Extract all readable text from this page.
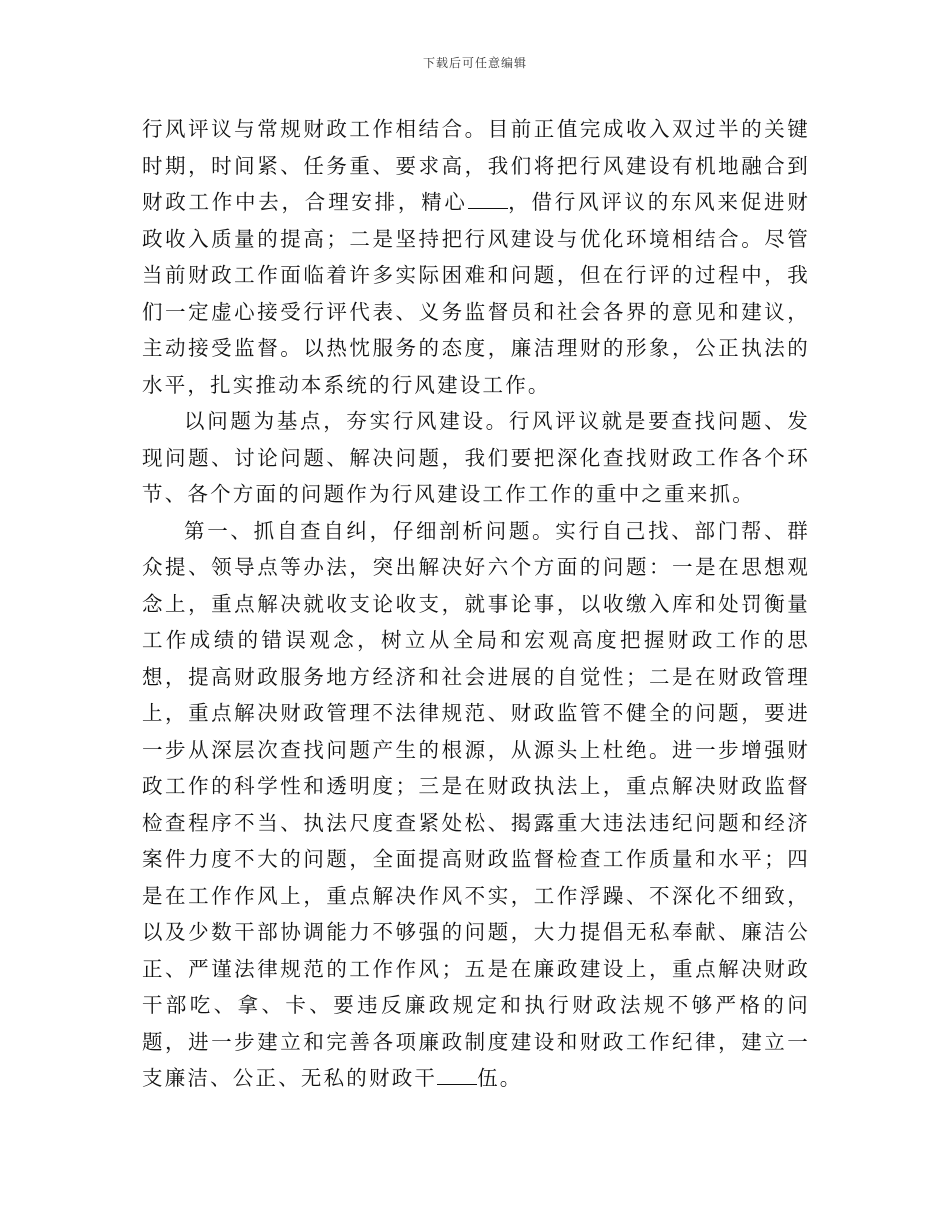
下载后可任意编辑

行风评议与常规财政工作相结合。目前正值完成收入双过半的关键时期，时间紧、任务重、要求高，我们将把行风建设有机地融合到财政工作中去，合理安排，精心 ，借行风评议的东风来促进财政收入质量的提高；二是坚持把行风建设与优化环境相结合。尽管当前财政工作面临着许多实际困难和问题，但在行评的过程中，我们一定虚心接受行评代表、义务监督员和社会各界的意见和建议，主动接受监督。以热忱服务的态度，廉洁理财的形象，公正执法的水平，扎实推动本系统的行风建设工作。

以问题为基点，夯实行风建设。行风评议就是要查找问题、发现问题、讨论问题、解决问题，我们要把深化查找财政工作各个环节、各个方面的问题作为行风建设工作工作的重中之重来抓。

第一、抓自查自纠，仔细剖析问题。实行自己找、部门帮、群众提、领导点等办法，突出解决好六个方面的问题：一是在思想观念上，重点解决就收支论收支，就事论事，以收缴入库和处罚衡量工作成绩的错误观念，树立从全局和宏观高度把握财政工作的思想，提高财政服务地方经济和社会进展的自觉性；二是在财政管理上，重点解决财政管理不法律规范、财政监管不健全的问题，要进一步从深层次查找问题产生的根源，从源头上杜绝。进一步增强财政工作的科学性和透明度；三是在财政执法上，重点解决财政监督检查程序不当、执法尺度查紧处松、揭露重大违法违纪问题和经济案件力度不大的问题，全面提高财政监督检查工作质量和水平；四是在工作作风上，重点解决作风不实，工作浮躁、不深化不细致，以及少数干部协调能力不够强的问题，大力提倡无私奉献、廉洁公正、严谨法律规范的工作作风；五是在廉政建设上，重点解决财政干部吃、拿、卡、要违反廉政规定和执行财政法规不够严格的问题，进一步建立和完善各项廉政制度建设和财政工作纪律，建立一支廉洁、公正、无私的财政干 伍。
